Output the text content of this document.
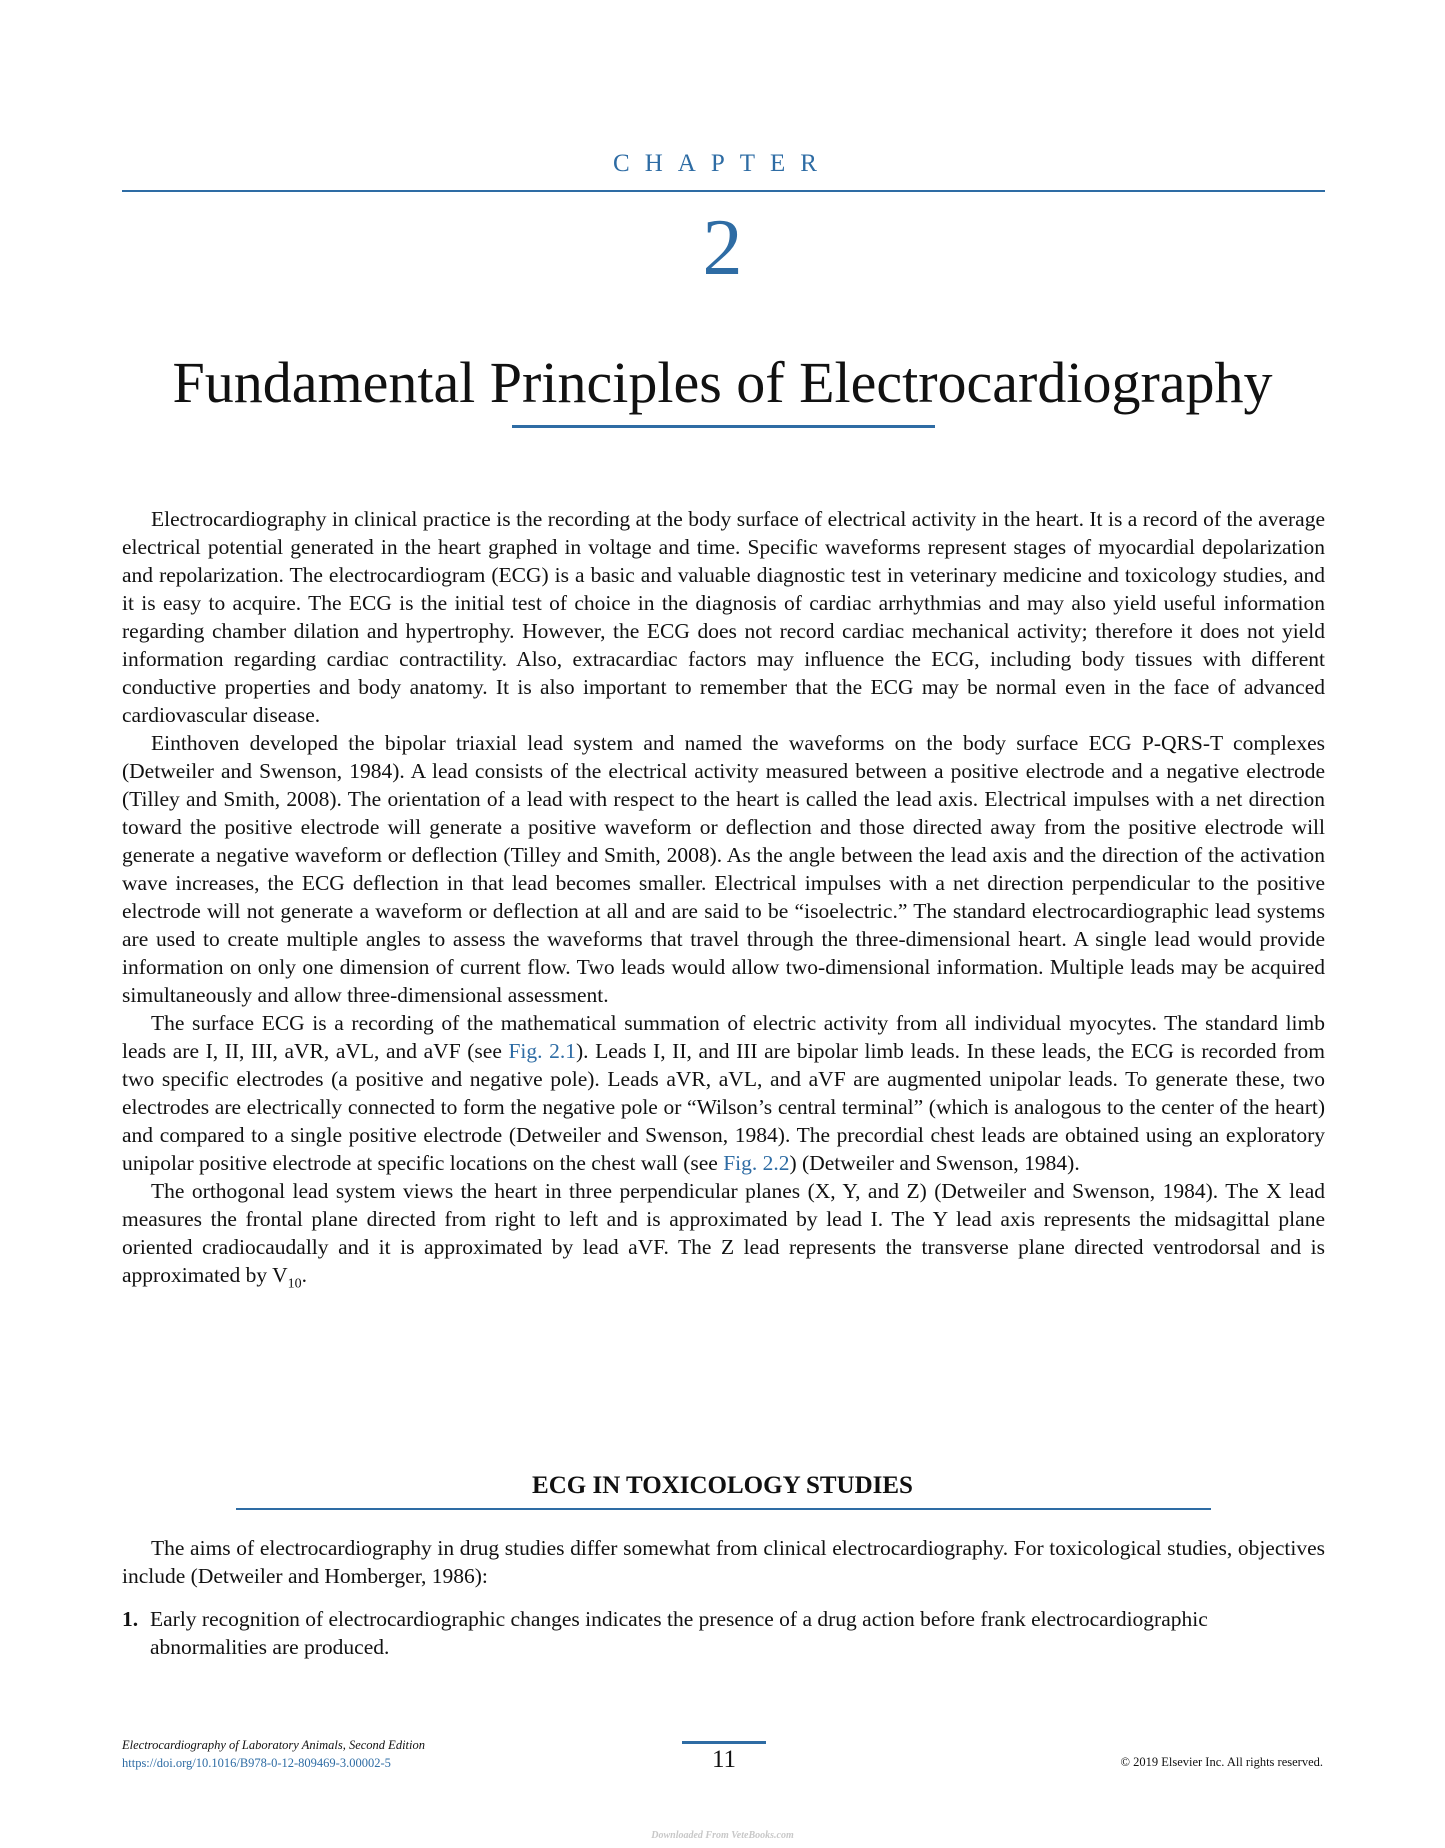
CHAPTER
2
Fundamental Principles of Electrocardiography

Electrocardiography in clinical practice is the recording at the body surface of electrical activity in the heart. It is a record of the average electrical potential generated in the heart graphed in voltage and time. Specific waveforms represent stages of myocardial depolarization and repolarization. The electrocardiogram (ECG) is a basic and valuable diagnostic test in veterinary medicine and toxicology studies, and it is easy to acquire. The ECG is the initial test of choice in the diagnosis of cardiac arrhythmias and may also yield useful information regarding chamber dilation and hypertrophy. However, the ECG does not record cardiac mechanical activity; therefore it does not yield information regarding cardiac contractility. Also, extracardiac factors may influence the ECG, including body tissues with different conductive properties and body anatomy. It is also important to remember that the ECG may be normal even in the face of advanced cardiovascular disease.

Einthoven developed the bipolar triaxial lead system and named the waveforms on the body surface ECG P-QRS-T complexes (Detweiler and Swenson, 1984). A lead consists of the electrical activity measured between a positive electrode and a negative electrode (Tilley and Smith, 2008). The orientation of a lead with respect to the heart is called the lead axis. Electrical impulses with a net direction toward the positive electrode will generate a positive waveform or deflection and those directed away from the positive electrode will generate a negative waveform or deflection (Tilley and Smith, 2008). As the angle between the lead axis and the direction of the activation wave increases, the ECG deflection in that lead becomes smaller. Electrical impulses with a net direction perpendicular to the positive electrode will not generate a waveform or deflection at all and are said to be “isoelectric.” The standard electrocardiographic lead systems are used to create multiple angles to assess the waveforms that travel through the three-dimensional heart. A single lead would provide information on only one dimension of current flow. Two leads would allow two-dimensional information. Multiple leads may be acquired simultaneously and allow three-dimensional assessment.

The surface ECG is a recording of the mathematical summation of electric activity from all individual myocytes. The standard limb leads are I, II, III, aVR, aVL, and aVF (see Fig. 2.1). Leads I, II, and III are bipolar limb leads. In these leads, the ECG is recorded from two specific electrodes (a positive and negative pole). Leads aVR, aVL, and aVF are augmented unipolar leads. To generate these, two electrodes are electrically connected to form the negative pole or “Wilson’s central terminal” (which is analogous to the center of the heart) and compared to a single positive electrode (Detweiler and Swenson, 1984). The precordial chest leads are obtained using an exploratory unipolar positive electrode at specific locations on the chest wall (see Fig. 2.2) (Detweiler and Swenson, 1984).

The orthogonal lead system views the heart in three perpendicular planes (X, Y, and Z) (Detweiler and Swenson, 1984). The X lead measures the frontal plane directed from right to left and is approximated by lead I. The Y lead axis represents the midsagittal plane oriented cradiocaudally and it is approximated by lead aVF. The Z lead represents the transverse plane directed ventrodorsal and is approximated by $V_{10}$.

ECG IN TOXICOLOGY STUDIES

The aims of electrocardiography in drug studies differ somewhat from clinical electrocardiography. For toxicological studies, objectives include (Detweiler and Homberger, 1986):

1. Early recognition of electrocardiographic changes indicates the presence of a drug action before frank electrocardiographic abnormalities are produced.
Electrocardiography of Laboratory Animals, Second Edition
https://doi.org/10.1016/B978-0-12-809469-3.00002-5	11	© 2019 Elsevier Inc. All rights reserved.
Downloaded From VeteBooks.com
